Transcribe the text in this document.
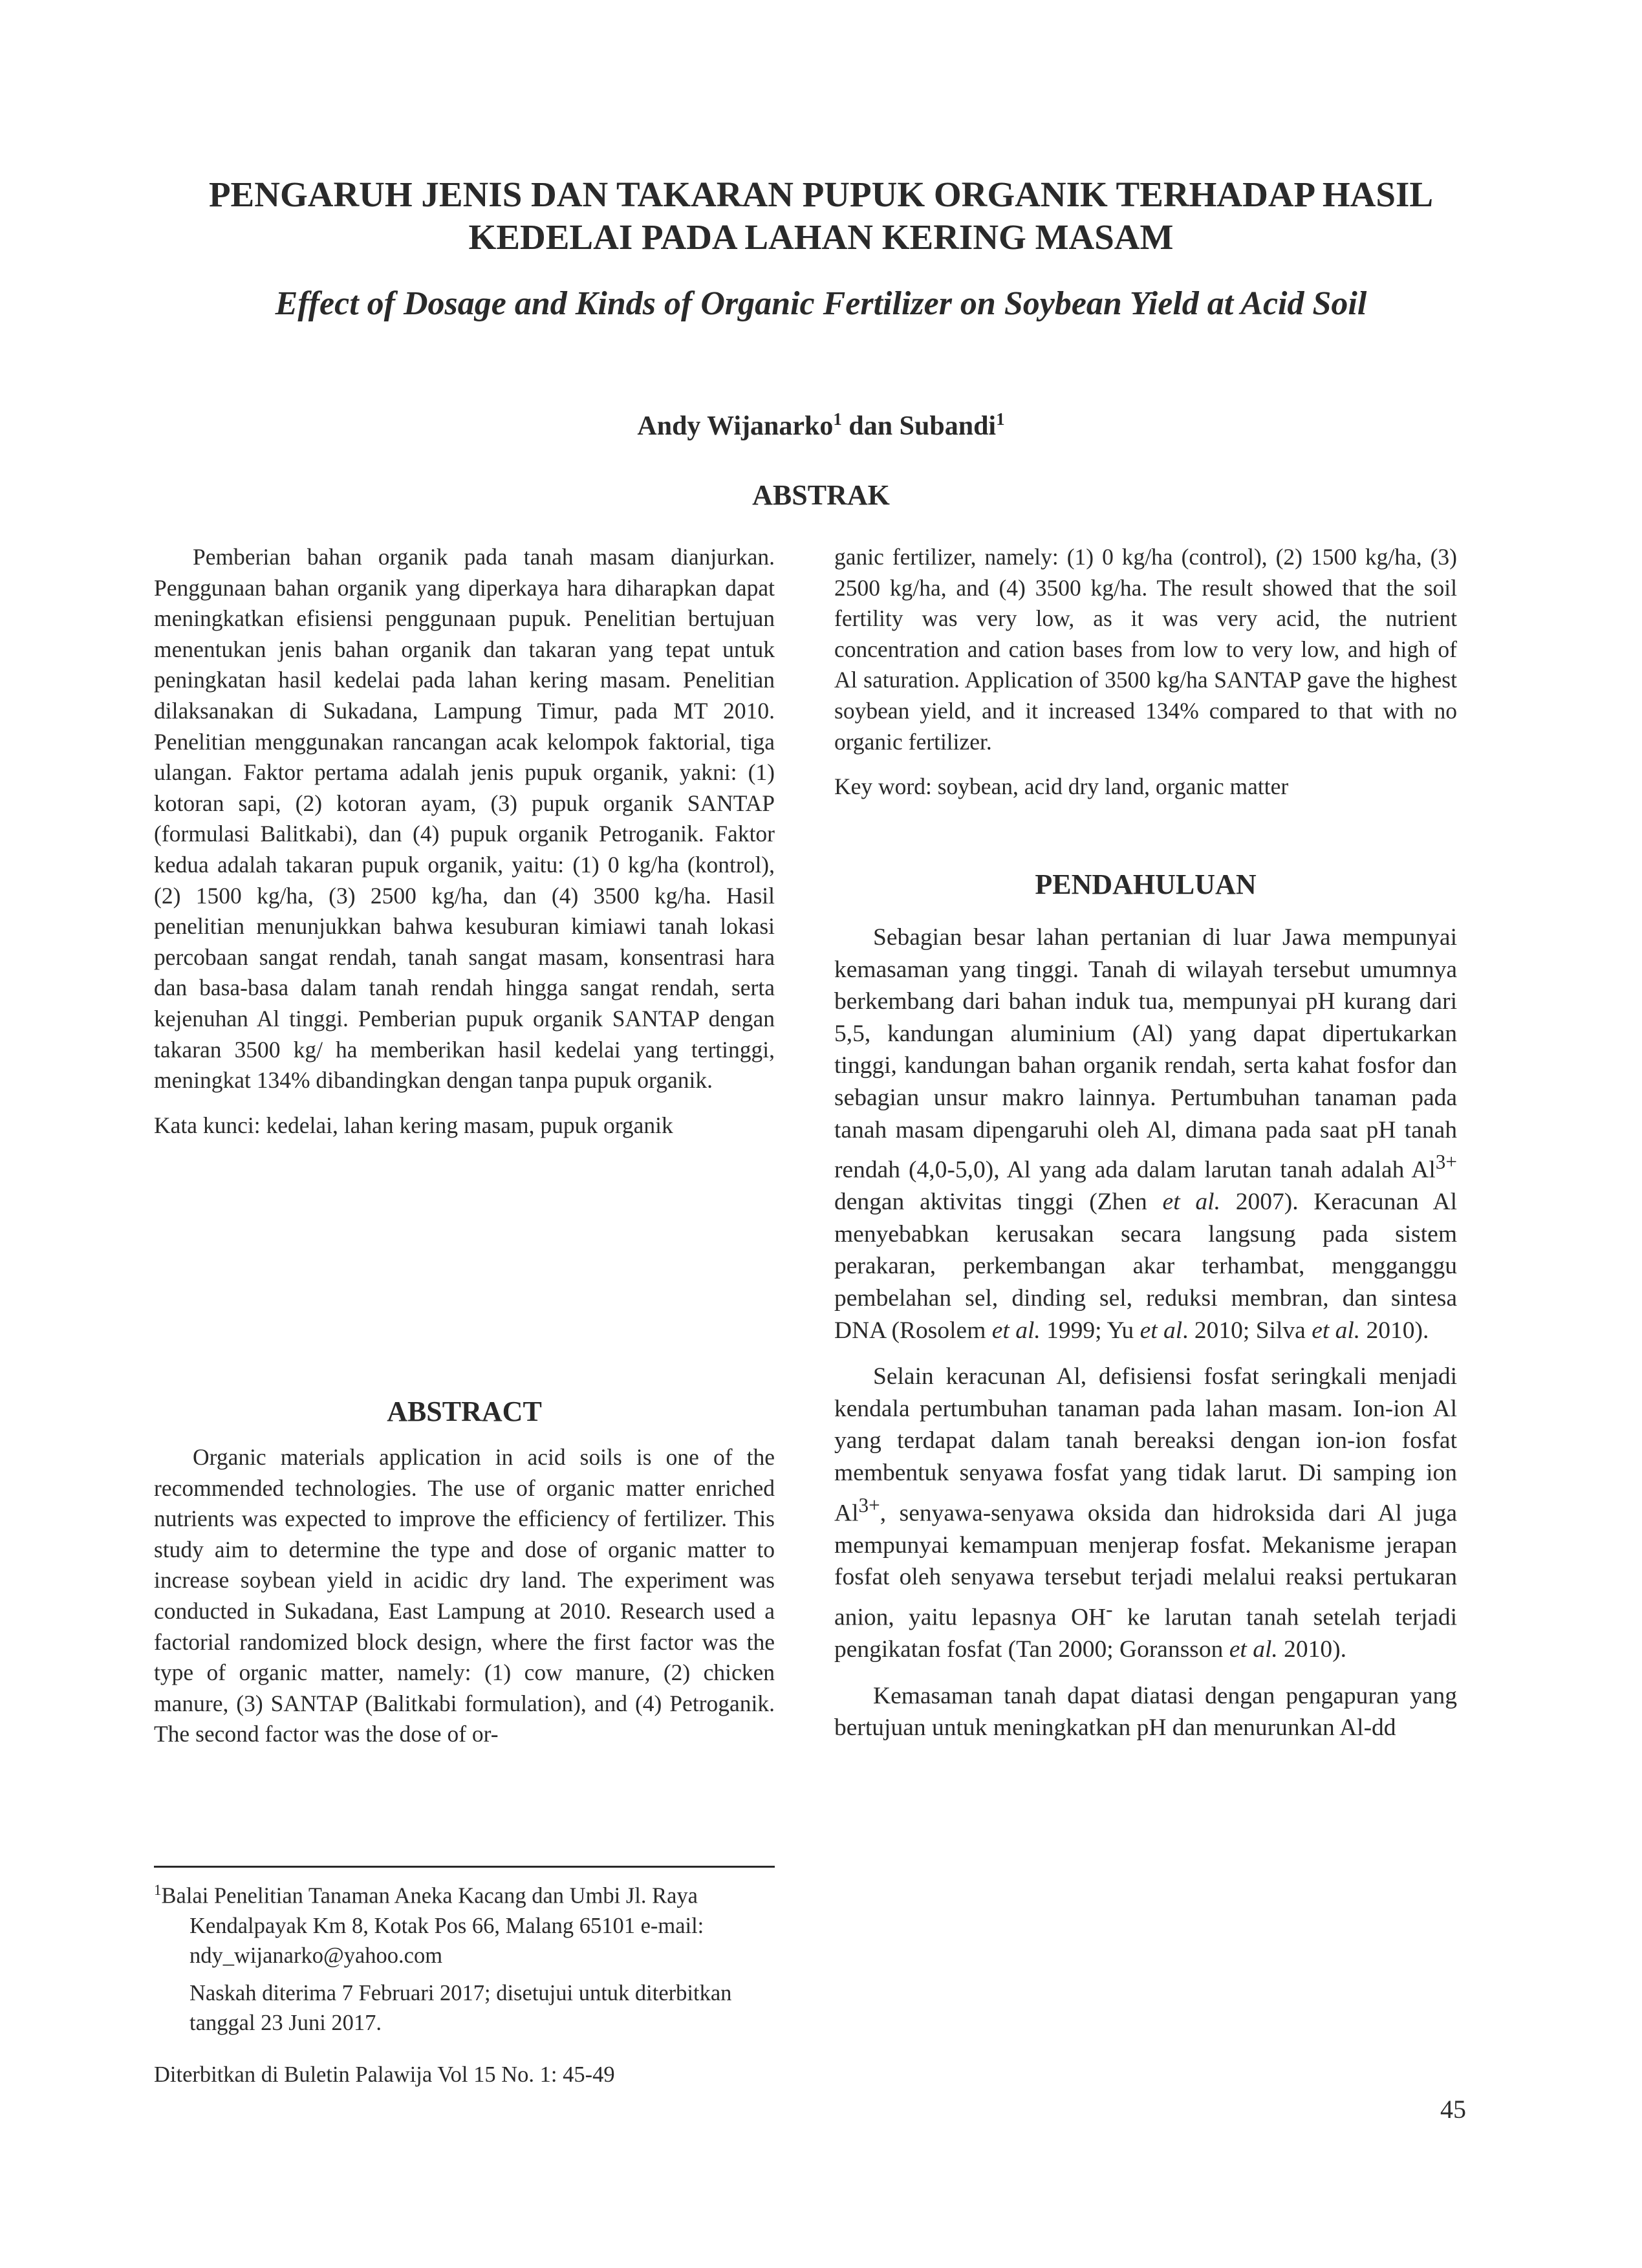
PENGARUH JENIS DAN TAKARAN PUPUK ORGANIK TERHADAP HASIL KEDELAI PADA LAHAN KERING MASAM
Effect of Dosage and Kinds of Organic Fertilizer on Soybean Yield at Acid Soil
Andy Wijanarko$^1$ dan Subandi$^1$
ABSTRAK

Pemberian bahan organik pada tanah masam dianjurkan. Penggunaan bahan organik yang diperkaya hara diharapkan dapat meningkatkan efisiensi penggunaan pupuk. Penelitian bertujuan menentukan jenis bahan organik dan takaran yang tepat untuk peningkatan hasil kedelai pada lahan kering masam. Penelitian dilaksanakan di Sukadana, Lampung Timur, pada MT 2010. Penelitian menggunakan rancangan acak kelompok faktorial, tiga ulangan. Faktor pertama adalah jenis pupuk organik, yakni: (1) kotoran sapi, (2) kotoran ayam, (3) pupuk organik SANTAP (formulasi Balitkabi), dan (4) pupuk organik Petroganik. Faktor kedua adalah takaran pupuk organik, yaitu: (1) 0 kg/ha (kontrol), (2) 1500 kg/ha, (3) 2500 kg/ha, dan (4) 3500 kg/ha. Hasil penelitian menunjukkan bahwa kesuburan kimiawi tanah lokasi percobaan sangat rendah, tanah sangat masam, konsentrasi hara dan basa-basa dalam tanah rendah hingga sangat rendah, serta kejenuhan Al tinggi. Pemberian pupuk organik SANTAP dengan takaran 3500 kg/ ha memberikan hasil kedelai yang tertinggi, meningkat 134% dibandingkan dengan tanpa pupuk organik.

Kata kunci: kedelai, lahan kering masam, pupuk organik

ABSTRACT

Organic materials application in acid soils is one of the recommended technologies. The use of organic matter enriched nutrients was expected to improve the efficiency of fertilizer. This study aim to determine the type and dose of organic matter to increase soybean yield in acidic dry land. The experiment was conducted in Sukadana, East Lampung at 2010. Research used a factorial randomized block design, where the first factor was the type of organic matter, namely: (1) cow manure, (2) chicken manure, (3) SANTAP (Balitkabi formulation), and (4) Petroganik. The second factor was the dose of or-

$^1$Balai Penelitian Tanaman Aneka Kacang dan Umbi Jl. Raya Kendalpayak Km 8, Kotak Pos 66, Malang 65101 e-mail: ndy_wijanarko@yahoo.com

Naskah diterima 7 Februari 2017; disetujui untuk diterbitkan tanggal 23 Juni 2017.

Diterbitkan di Buletin Palawija Vol 15 No. 1: 45-49

ganic fertilizer, namely: (1) 0 kg/ha (control), (2) 1500 kg/ha, (3) 2500 kg/ha, and (4) 3500 kg/ha. The result showed that the soil fertility was very low, as it was very acid, the nutrient concentration and cation bases from low to very low, and high of Al saturation. Application of 3500 kg/ha SANTAP gave the highest soybean yield, and it increased 134% compared to that with no organic fertilizer.

Key word: soybean, acid dry land, organic matter

PENDAHULUAN

Sebagian besar lahan pertanian di luar Jawa mempunyai kemasaman yang tinggi. Tanah di wilayah tersebut umumnya berkembang dari bahan induk tua, mempunyai pH kurang dari 5,5, kandungan aluminium (Al) yang dapat dipertukarkan tinggi, kandungan bahan organik rendah, serta kahat fosfor dan sebagian unsur makro lainnya. Pertumbuhan tanaman pada tanah masam dipengaruhi oleh Al, dimana pada saat pH tanah rendah (4,0-5,0), Al yang ada dalam larutan tanah adalah $Al^{3+}$ dengan aktivitas tinggi (Zhen et al. 2007). Keracunan Al menyebabkan kerusakan secara langsung pada sistem perakaran, perkembangan akar terhambat, mengganggu pembelahan sel, dinding sel, reduksi membran, dan sintesa DNA (Rosolem et al. 1999; Yu et al. 2010; Silva et al. 2010).

Selain keracunan Al, defisiensi fosfat seringkali menjadi kendala pertumbuhan tanaman pada lahan masam. Ion-ion Al yang terdapat dalam tanah bereaksi dengan ion-ion fosfat membentuk senyawa fosfat yang tidak larut. Di samping ion $Al^{3+}$, senyawa-senyawa oksida dan hidroksida dari Al juga mempunyai kemampuan menjerap fosfat. Mekanisme jerapan fosfat oleh senyawa tersebut terjadi melalui reaksi pertukaran anion, yaitu lepasnya OH- ke larutan tanah setelah terjadi pengikatan fosfat (Tan 2000; Goransson et al. 2010).

Kemasaman tanah dapat diatasi dengan pengapuran yang bertujuan untuk meningkatkan pH dan menurunkan Al-dd

45
